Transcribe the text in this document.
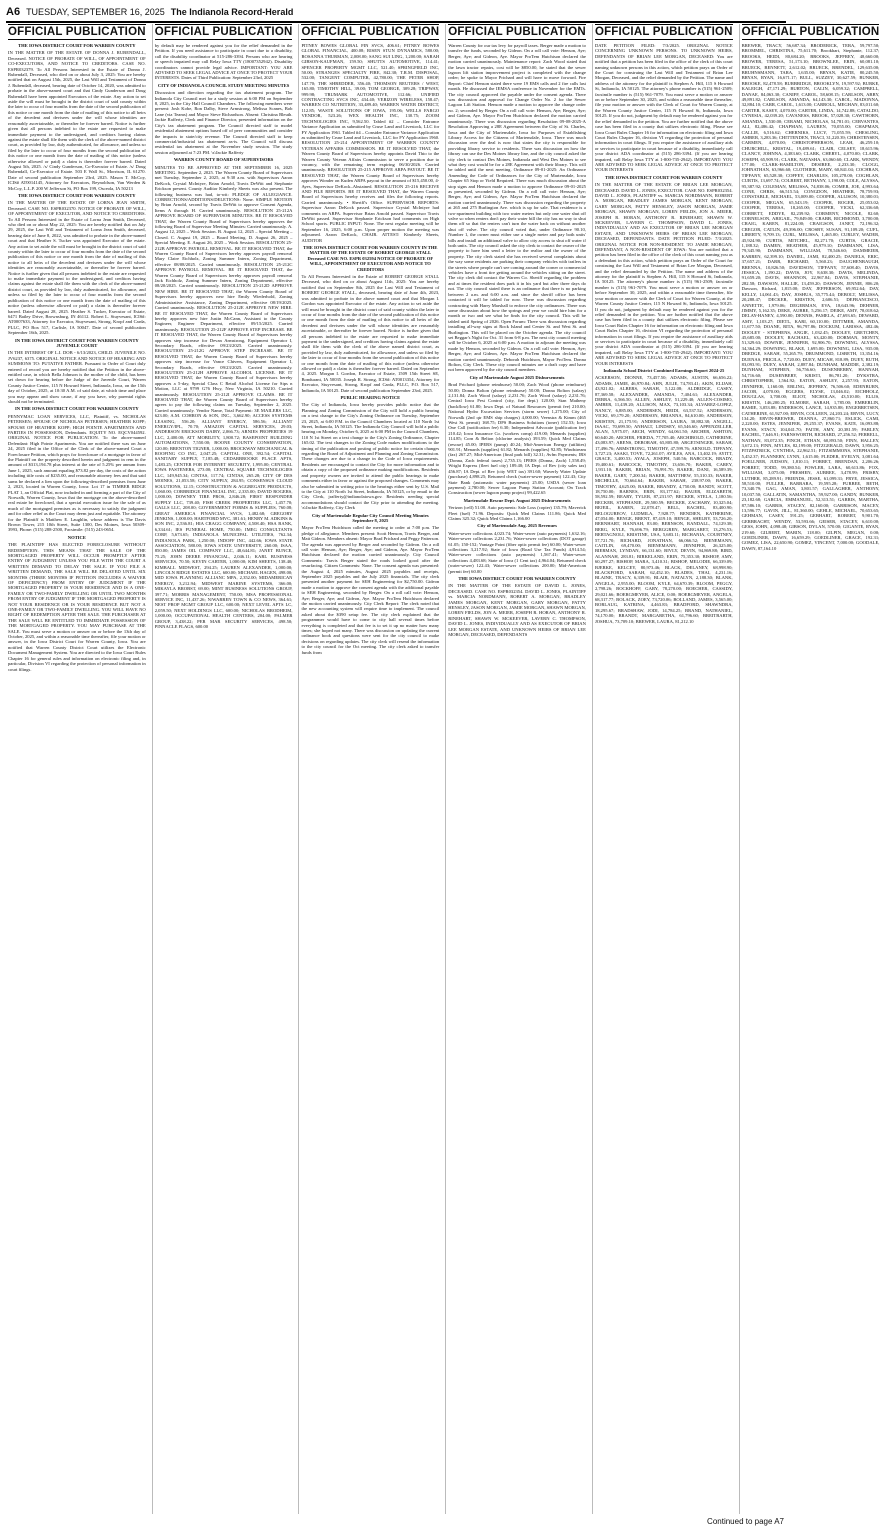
A6 TUESDAY, SEPTEMBER 16, 2025 The Indianola Record-Herald
OFFICIAL PUBLICATION
THE IOWA DISTRICT COURT FOR WARREN COUNTY

IN THE MATTER OF THE ESTATE OF DONNA J. RUBENDALL, Deceased. NOTICE OF PROBATE OF WILL, OF APPOINTMENT OF CO-EXECUTORS, AND NOTICE TO CREDITORS. CASE NO. ESPR032379. To All Persons Interested in the Estate of Donna J. Rubendall, Deceased, who died on or about July 3, 2025: You are hereby notified that on August 15th, 2025, the Last Will and Testament of Donna J. Rubendall, deceased, bearing date of October 14, 2020, was admitted to probate in the above-named court and that Cindy Gunderson and Doug Rubendall have been appointed Executors of the estate. Any action to set aside the will must be brought in the district court of said county within the later to occur of four months from the date of the second publication of this notice or one month from the date of mailing of this notice to all heirs of the decedent and devisees under the will whose identities are reasonably ascertainable, or thereafter be forever barred. Notice is further given that all persons indebted to the estate are requested to make immediate payment to the undersigned, and creditors having claims against the estate shall file them with the clerk of the above-named district court, as provided by law, duly authenticated, for allowance, and unless so filed by the later to occur of four months from the second publication of this notice or one month from the date of mailing of this notice (unless otherwise allowed or paid) a claim is thereafter forever barred. Dated August 5th, 2025. /s/ Cindy Gunderson, Co-Executor of Estate. /s/ Doug Rubendall, Co-Executor of Estate. 503 E Wall St., Morrison, IL 61270. Date of second publication September 23rd, 2025. Mason T. McCoy, ICIS# AT0014145, Attorney for Executors, Reynoldson, Van Werden & McCoy, L.L.P. 200 W Jefferson St, PO Box 199, Osceola, IA 50213

THE IOWA DISTRICT COURT FOR WARREN COUNTY

IN THE MATTER OF THE ESTATE OF LORNA JEAN SMITH, Deceased. CASE NO. ESPR032370. NOTICE OF PROBATE OF WILL, OF APPOINTMENT OF EXECUTOR, AND NOTICE TO CREDITORS. To All Persons Interested in the Estate of Lorna Jean Smith, Deceased, who died on or about May 22, 2025: You are hereby notified that on July 29, 2025, the Last Will and Testament of Lorna Jean Smith, deceased, bearing date of June 8, 2022, was admitted to probate in the above-named court and that Heather S. Tucker was appointed Executor of the estate. Any action to set aside the will must be brought in the district court of said county within the later to occur of four months from the date of the second publication of this notice or one month from the date of mailing of this notice to all heirs of the decedent and devisees under the will whose identities are reasonably ascertainable, or thereafter be forever barred. Notice is further given that all persons indebted to the estate are requested to make immediate payment to the undersigned, and creditors having claims against the estate shall file them with the clerk of the above-named district court, as provided by law, duly authenticated, for allowance, and unless so filed by the later to occur of four months from the second publication of this notice or one month from the date of mailing of this notice (unless otherwise allowed or paid) a claim is thereafter forever barred. Dated August 28, 2025. Heather S. Tucker, Executor of Estate, 6471 Bailey Drive, Brownsburg, IN 46112. Robert L. Stuyvesant, ICIS#: AT0007633, Attorney for Executor, Stuyvesant, Strong, Kropf and Carda, PLLC, PO Box 517, Carlisle, IA 50047. Date of second publication September 16th, 2025.

IN THE IOWA DISTRICT COURT FOR WARREN COUNTY JUVENILE COURT

IN THE INTEREST OF L.I. DOB - 6/13/2023, CHILD. JUVENILE NO. JV6237, 6375. ORIGINAL NOTICE AND NOTICE OF HEARING AND SUMMONS TO: PUTATIVE FATHER. Pursuant to Order of Court duly entered of record you are hereby notified that the Petition in the above-entitled case, in which Bella Johnson is the mother of the child, has been set down for hearing before the Judge of the Juvenile Court, Warren County Justice Center, 115 N Howard Street, Indianola, Iowa, on the 15th day of October, 2025, at 10:30 A.M. of said date, at which time and place you may appear and show cause, if any you have, why parental rights should not be terminated.

IN THE IOWA DISTRICT COURT FOR WARREN COUNTY

PENNYMAC LOAN SERVICES, LLC, Plaintiff, vs. NICHOLAS PETERSEN; SPOUSE OF NICHOLAS PETERSEN; HEATHER KOPP; SPOUSE OF HEATHER KOPP; HIGH POINTE APARTMENTS AND PARTIES IN POSSESSION, Defendants. EQUITY NO. EQCV044592. ORIGINAL NOTICE FOR PUBLICATION. To the above-named Defendant: High Pointe Apartments. You are notified there was on June 24, 2025 filed in the Office of the Clerk of the above-named Court a Foreclosure Petition, which prays for foreclosure of a mortgage in favor of the Plaintiff on the property described herein and judgment in rem in the amount of $313,194.78 plus interest at the rate of 5.25% per annum from June 1, 2025, such amount equaling $73.82 per day, the costs of the action including title costs of $235.00, and reasonable attorney fees and that said sums be declared a lien upon the following-described premises from June 2, 2023, located in Warren County, Iowa: Lot 17 in TIMBER RIDGE PLAT 1, an Official Plat, now included in and forming a part of the City of Norwalk, Warren County, Iowa that the mortgage on the above-described real estate be foreclosed, that a special execution issue for the sale of as much of the mortgaged premises as is necessary to satisfy the judgment and for other relief as the Court may deem just and equitable. The attorney for the Plaintiff is Matthew E. Laughlin, whose address is The Davis Brown Tower, 215 10th Street, Suite 1300, Des Moines, Iowa 50309-3993, Phone: (515) 288-2500, Facsimile: (515) 243-0654.

NOTICE

THE PLAINTIFF HAS ELECTED FORECLOSURE WITHOUT REDEMPTION. THIS MEANS THAT THE SALE OF THE MORTGAGED PROPERTY WILL OCCUR PROMPTLY AFTER ENTRY OF JUDGMENT UNLESS YOU FILE WITH THE COURT A WRITTEN DEMAND TO DELAY THE SALE. IF YOU FILE A WRITTEN DEMAND, THE SALE WILL BE DELAYED UNTIL SIX MONTHS (THREE MONTHS IF PETITION INCLUDES A WAIVER OF DEFICIENCY) FROM ENTRY OF JUDGMENT IF THE MORTGAGED PROPERTY IS YOUR RESIDENCE AND IS A ONE-FAMILY OR TWO-FAMILY DWELLING OR UNTIL TWO MONTHS FROM ENTRY OF JUDGMENT IF THE MORTGAGED PROPERTY IS NOT YOUR RESIDENCE OR IS YOUR RESIDENCE BUT NOT A ONE-FAMILY OR TWO-FAMILY DWELLING. YOU WILL HAVE NO RIGHT OF REDEMPTION AFTER THE SALE. THE PURCHASER AT THE SALE WILL BE ENTITLED TO IMMEDIATE POSSESSION OF THE MORTGAGED PROPERTY. YOU MAY PURCHASE AT THE SALE. You must serve a motion or answer on or before the 13th day of October, 2025, and within a reasonable time thereafter, file your motion or answer, in the Iowa District Court for Warren County, Iowa. You are notified that Warren County District Court utilizes the Electronic Document Management System. You are directed to the Iowa Court Rules Chapter 16 for general rules and information on electronic filing and, in particular, Division VI regarding the protection of personal information in court filings.

OFFICIAL PUBLICATION

by default may be rendered against you for the relief demanded in the Petition. If you need assistance to participate in court due to a disability, call the disability coordinator at 515-286-3394. Persons who are hearing or speech impaired may call Relay Iowa TTY (18007352942). Disability coordinators cannot provide legal advice. IMPORTANT: YOU ARE ADVISED TO SEEK LEGAL ADVICE AT ONCE TO PROTECT YOUR INTERESTS. Dates of Third Publication: September 23rd, 2025

CITY OF INDIANOLA COUNCIL STUDY MEETING MINUTES

Discussion and direction regarding the tax abatement program. The Indianola City Council met for a study session at 6:00 PM on September 8, 2025, in the City Hall Council Chambers. The following members were present: Josh Kobe, Ron Dalby, Steve Armstrong, Melissa Scanes, Bob Lane (via Teams) and Mayor Steve Richardson. Absent: Christina Bleuth. Jackie Rafferty, Clerk and Finance Director, presented information on the City's tax abatement program. The Council directed staff to model residential abatement options based off of peer communities and consider the impacts to state/city revenue. The Council directed staff to keep commercial/industrial tax abatement as-is. The Council will discuss residential tax abatement at the November study session. The study session adjourned at 7:23 PM. \s\Jackie Rafferty

WARREN COUNTY BOARD OF SUPERVISORS

MINUTES TO BE APPROVED AT THE SEPTEMBER 16, 2025 MEETING. September 2, 2025. The Warren County Board of Supervisors met Tuesday, September 2, 2025, at 9:30 a.m. with Supervisors Aaron DeKock, Crystal McIntyre, Brian Arnold, Travis DeWitt and Stephanie Erickson present. County Auditor Kimberly Sheets was also present. The following business was had, to-wit: PLEDGE OF ALLEGIANCE. CORRECTIONS/ADDITIONS/DELETIONS: None. SIMPLE MOTION by Brian Arnold, second by Travis DeWitt to approve Consent Agenda, Items A through H. Carried unanimously. RESOLUTION 25-212A APPROVE BOARD OF SUPERVISOR MINUTES. BE IT RESOLVED THAT, the Warren County Board of Supervisors hereby approves the following Board of Supervisor Meeting Minutes: Carried unanimously. A. August 12, 2025 – Work Session. B. August 12, 2025 – Special Meeting – Closed. C. August 19, 2025 – Board Meeting. D. August 26, 2025 – Special Meeting. E. August 26, 2025 – Work Session. RESOLUTION 25-212B APPROVE PAYROLL REMOVAL. BE IT RESOLVED THAT, the Warren County Board of Supervisors hereby approves payroll removal Mary Claire Eichholz, Zoning Summer Intern, Zoning Department, effective 08/08/2025. Carried unanimously. RESOLUTION 25-212C APPROVE PAYROLL REMOVAL. BE IT RESOLVED THAT, the Warren County Board of Supervisors hereby approves payroll removal Jack Eichholz, Zoning Summer Intern, Zoning Department, effective 08/20/2025. Carried unanimously. RESOLUTION 25-212D APPROVE NEW HIRE. BE IT RESOLVED THAT, the Warren County Board of Supervisors hereby approves new hire Emily Wiederhold, Zoning Administrative Assistance, Zoning Department, effective 08/19/2025. Carried unanimously. RESOLUTION 25-212E APPROVE NEW HIRE. BE IT RESOLVED THAT, the Warren County Board of Supervisors hereby approves new hire Justin McCann, Assistant to the County Engineer, Engineer Department, effective 09/15/2025. Carried unanimously. RESOLUTION 25-212F APPROVE STEP INCREASE. BE IT RESOLVED THAT, the Warren County Board of Supervisors hereby approves step increase for Devan Armstrong, Equipment Operator I, Secondary Roads, effective 09/23/2025. Carried unanimously. RESOLUTION 25-212G APPROVE STEP INCREASE. BE IT RESOLVED THAT, the Warren County Board of Supervisors hereby approves step increase for Vance Chivers, Equipment Operator I, Secondary Roads, effective 09/23/2025. Carried unanimously. RESOLUTION 25-212H APPROVE ALCOHOL LICENSE. BE IT RESOLVED THAT, the Warren County Board of Supervisors hereby approves a 5-day, Special Class C Retail Alcohol License for Sips n Motion, LLC at 9799 G76 Hwy, New Virginia, IA 50210. Carried unanimously. RESOLUTION 25-212I APPROVE CLAIMS. BE IT RESOLVED THAT, the Warren County Board of Supervisors hereby agrees to pay the following claims on Tuesday, September 2, 2025. Carried unanimously. Vendor Name, Total Payment: 3E MAILERS LLC, 623.00; A.M. COHRON & SON, INC., 3,662.90; ACCESS SYSTEMS LEASING, 556.20; ALLIANT ENERGY, 586.56; ALLIANT ENERGY/IPL, 70.70; AMAZON CAPITAL SERVICES, 29.03; ANDERSON ERICKSON DAIRY, 2,066.73; ARNIES PROPERTIES 19 LLC, 2,400.00; ATT MOBILITY, 1,800.72; BASEPOINT BUILDING AUTOMATIONS, 7,550.00; BOONE COUNTY CONSERVATION, 120.00; BRENTON TIGNER, 1,000.00; BROCKWAY MECHANICAL & ROOFING CO INC, 2,047.25; CAPITAL ONE, 392.54; CAPITAL SANITARY SUPPLY, 7,185.48; CEDARBROOKE PLACE APTS, 1,483.25; CENTER FOR INTERNET SECURITY, 1,995.00; CENTRAL IOWA FASTENERS, 273.00; CENTRAL SQUARE TECHNOLOGIES LLC, 149,945.34; CINTAS, 117.74; CINTAS, 265.28; CITY OF DES MOINES, 21,053.58; CITY SUPPLY, 284.95; CONSENSUS CLOUD SOLUTIONS, 12.15; CONSTRUCTION & AGGREGATE PRODUCTS, 1,060.00; CORBRIDGE FINANCIAL INC, 2,335.00; DAVID ROGERS, 1,000.00; DOWNEY TIRE PROS, 2,846.28; FIRST RESPONDER SUPPLY LLC, 739.40; FISH CREEK PROPERTIES LLC, 1,457.70; GALLS LLC, 208.00; GOVERNMENT FORMS & SUPPLIES, 760.08; GREAT AMERICA FINANCIAL SVCS, 1,482.68; GREGORY JENKINS, 1,000.00; HARTFORD MVC, 381.61; HENRY M. ADKINS & SON INC, 2,536.81; HIA CRAGG COMPANY, 4,508.40; HSA BANK, 6,334.61; IES FUNERAL HOME, 750.00; IMEG CONSULTANTS CORP, 5,673.65; INDIANOLA MUNICIPAL UTILITIES, 762.34; INDIANOLA PARK, 1,250.00; INDOFF INC, 442.66; IOWA STATE ASSOCIATION, 580.00; IOWA STATE UNIVERSITY, 260.00; ISAA, 850.00; JAMES OIL COMPANY LLC, 48,644.81; JANET BUNCE, 75.25; JOHN DEERE FINANCIAL, 2,046.11; KARL BUSINESS SERVICES, 70.50; KEVIN CARTER, 1,000.00; KIM SHEETS, 138.40; KIMBALL MIDWEST, 294.25; LAUREN ALEXANDER, 1,000.00; LINCOLN RIDGE ESTATES LLC, 600.00; MICHAEL HAGEN, 498.00; MID IOWA PLANNING ALLIANC MPA, 2,352.00; MIDAMERICAN ENERGY, 3,212.94; MIDWEST MARINE SYSTEMS, 366.00; MIKAYLA BROBST, 69.00; MINT BUSINESS SOLUTIONS GROUP, 397.71; MORRIS MANAGEMENT, 750.00; MSA PROFESSIONAL SERVICE INC, 11,437.26; N/WARREN TOWN & CO NEWS, 364.61; NEST PROP MGMT GROUP LLC, 600.00; NEXT LEVEL APTS LC, 2,059.50; NEXT HOLDINGS LLC, 600.00; NICHOLAS BRODHEIM, 1,000.00; OCCUPATIONAL HEALTH CENTERS, 204.00; PALMER GROUP, 3,438.22; PER MAR SECURITY SERVICES, 498.50; PINNACLE FLAGS, 600.00

OFFICIAL PUBLICATION

PITNEY BOWES GLOBAL FIN SVCS, 406.61; PITNEY BOWES GLOBAL FINANCIAL, 400.08; RISEN STUN DYNAMICS, 580.00; ROSANNA THURMAN, 2,008.00; SANG SUI LING, 1,200.00; SARAH GIBSON-KAUFMAN, 159.50; SHUTTS AUTOMOTIVE, 114.41; SPENCER PROPERTY MGMT LLC, 521.40; SPRINGFIELD INC, 50.00; STRANGES SPECIALTY FIRE, 842.30; T.R.M. DISPOSAL, 532.00; TANGENT COMPUTER, 42,780.00; THE PETER SHOP, 147.70; THE SHREDDER, 356.40; THOMSON REUTERS / WEST, 165.80; TIMOTHY HILL, 39.00; TOM GEORGE, 309.28; TRIPWAY, 999.98; TRUMARK AUTOMOTIVE, 112.66; UNIFIED CONTRACTING SVCS INC, 434.40; VERIZON WIRELESS, 158.47; WARREN CO NUTRITION, 33,489.40; WARREN WATER DISTRICT, 112.85; WASTE SOLUTIONS OF IOWA, 195.06; WELLS FARGO VENDOR, 523.26; WEX HEALTH INC, 130.75; ZOOM TECHNOLOGIES INC, 9,562.50. Tabled #2 – Consider Entrance Variance Application as submitted by Cruse Land and Livestock, LLC for FY Application 1961. Tabled #4 – Consider Entrance Variance Application as submitted by Cruse Land and Livestock, LLC for FY Application 1960. RESOLUTION 25-214 APPOINTMENT OF WARREN COUNTY VETERAN AFFAIRS COMMISSION. BE IT RESOLVED THAT, the Warren County Board of Supervisors hereby appoints David Thio to the Warren County Veteran Affairs Commission to serve a position due to vacancy, with the remaining term expiring 06/30/2026. Carried unanimously. RESOLUTION 25-215 APPROVE ARPA PAYOUT. BE IT RESOLVED THAT, the Warren County Board of Supervisors hereby approves Wonder on Kuden ARPA payout in the amount of $15,450.00, 4-Ayes, Supervisor DeKock–Abstained. RESOLUTION 25-216 RECEIVE AND FILE REPORTS. BE IT RESOLVED THAT, the Warren County Board of Supervisors hereby receives and files the following reports. Carried unanimously. • Sheriff's Office. SUPERVISOR REPORTS: Supervisor Aaron DeKock passed. Supervisor Crystal McIntyre had comments on ARPA. Supervisor Brian Arnold passed. Supervisor Travis DeWitt passed. Supervisor Stephanie Erickson had comments on High School sports. PUBLIC INPUT: None. The next regular meeting will be September 16, 2025, 6:00 p.m. Upon proper motion the meeting was adjourned. Aaron DeKock, CHAIR. ATTEST: Kimberly Sheets, AUDITOR

THE IOWA DISTRICT COURT FOR WARREN COUNTY IN THE MATTER OF THE ESTATE OF ROBERT GEORGE STALL Deceased CASE NO. ESPR 032594 NOTICE OF PROBATE OF WILL, APPOINTMENT OF EXECUTOR AND NOTICE TO CREDITORS

To All Persons Interested in the Estate of ROBERT GEORGE STALL Deceased, who died on or about August 11th, 2025: You are hereby notified that on September 8th, 2025 the Last Will and Testament of ROBERT GEORGE STALL, deceased, bearing date of June 4th, 2023, was admitted to probate in the above named court and that Morgan I. Gordon was appointed Executor of the estate. Any action to set aside the will must be brought in the district court of said county within the later to occur of four months from the date of the second publication of this notice or one month from the date of mailing of this notice to all heirs of the decedent and devisees under the will whose identities are reasonably ascertainable, or thereafter be forever barred. Notice is further given that all persons indebted to the estate are requested to make immediate payment to the undersigned, and creditors having claims against the estate shall file them with the clerk of the above named district court, as provided by law, duly authenticated, for allowance, and unless so filed by the later to occur of four months from the second publication of this notice or one month from the date of mailing of this notice (unless otherwise allowed or paid) a claim is thereafter forever barred. Dated on September 4, 2025. Morgan I. Gordon, Executor of Estate, 1509 15th Street SE, Bondurant, IA 50035. Joseph R. Strong, ICIS#: AT0013354, Attorney for Executor, Stuyvesant, Strong, Kropf and Carda, PLLC, P.O. Box 517, Indianola, IA 50125. Date of second publication September 23rd, 2025.

PUBLIC HEARING NOTICE

The City of Indianola, Iowa hereby provides public notice that the Planning and Zoning Commission of the City will hold a public hearing on a text change to the City's Zoning Ordinance on Tuesday, September 23, 2025, at 6:00 P.M. in the Council Chambers located at 110 North 1st Street, Indianola, IA 50125. The Indianola City Council will hold a public hearing on Monday, October 6, 2025 at 6:00 PM in the Council Chambers, 110 N 1st Street on a text change to the City's Zoning Ordinance, Chapter 165.02. The text changes to the Zoning Code makes modifications to the timing of the publication and posting of public notice for certain changes regarding the Board of Adjustment and Planning and Zoning Commission. These changes are due to a change in the Code of Iowa requirements. Residents are encouraged to contact the City for more information and to obtain a copy of the proposed ordinance making modifications. Residents and property owners are invited to attend the public hearings to make comments either in favor or against the proposed changes. Comments may also be submitted in writing prior to the hearings either sent by U.S. Mail to the City at 110 North 1st Street, Indianola, IA 50125, or by email to the City Clerk, jrafferty@indianolaiowa.gov. Residents needing special accommodations should contact the City prior to attending the meeting. \s\Jackie Rafferty, City Clerk

City of Martensdale Regular City Council Meeting Minutes September 8, 2025

Mayor ProTem Hutchison called the meeting to order at 7:00 p.m. The pledge of allegiance. Members present: Scott Henson, Travis Berger, and Matt Gideon. Members absent: Mayor Brad Prichard and Peggy Patterson. The agenda was approved by Berger and seconded by Gideon. On a roll call vote: Henson, Aye; Berger, Aye; and Gideon, Aye. Mayor ProTem Hutchison declared the motion carried unanimously. City Council Comments: Travis Berger stated the roads looked good after the resurfacing. Citizen Comments: None. The consent agenda was presented: the August 4, 2025 minutes, August 2025 payables and receipts, September 2025 payables and the July 2025 financials. The city clerk presented another payment for SEH Engineering for $2,750.00. Gideon made a motion to approve the consent agenda with the additional payable to SEH Engineering, seconded by Berger. On a roll call vote: Henson, Aye; Berger, Aye; and Gideon, Aye. Mayor ProTem Hutchison declared the motion carried unanimously. City Clerk Report: The clerk noted that the new accounting system will require time to implement. The council asked about the $390 setup fee. The city clerk explained that the programmer would have to come to city hall several times before everything is completed and that fee is to set it up no matter how many times; she hoped not many. There was discussion on updating the current ordinance book and questions were sent for the city council to make decisions on regarding updates. The city clerk will resend the information to the city council for the Oct meeting. The city clerk asked to transfer funds from

OFFICIAL PUBLICATION

Warren County for our tax levy for payroll taxes. Berger made a motion to transfer the funds, seconded by Gideon. On a roll call vote: Henson, Aye; Berger, Aye; and Gideon, Aye. Mayor ProTem Hutchison declared the motion carried unanimously. Maintenance report: Zach Wood stated that the lawn tractor repairs, cost will be $850.00, he stated that the sewer lagoon lift station improvement project is completed with the change order; he spoke to Mayor Prichard and will have to move forward. Fire Report: Chief Henson stated there were 19 EMS calls and 2 fire calls last month. He discussed the IEMSA conference in November for the EMTs. The city council approved the payable under the consent agenda. There was discussion and approval for Change Order No. 2 for the Sewer Lagoon Lift Station. Henson made a motion to approve the change order no. 2; seconded by Berger. On a roll call vote: Henson, Aye; Berger, Aye; and Gideon, Aye. Mayor ProTem Hutchison declared the motion carried unanimously. There was discussion regarding Resolution 09-08-2025-A Resolution Approving a 28E Agreement between the City of St. Charles, Iowa and the City of Martensdale, Iowa for Purposes of Establishing Library Access for the Citizens of Martensdale, Iowa. There was much discussion over the deal is now that states the city is responsible for providing library service to residents. There was discussion on how the library can use the Des Moines library line, and the city council asked the city clerk to contact Des Moines, Indianola and West Des Moines to see what they cost would be for a 28E Agreement with their library. This will be tabled until the next meeting. Ordinance 09-01-2025: An Ordinance Amending the Code of Ordinances for the City of Martensdale, Iowa Chapter 65 Stop or Yield Required. There was much discussion about the stop signs and Henson made a motion to approve Ordinance 09-01-2025 as presented, seconded by Gideon. On a roll call vote: Henson, Aye; Berger, Aye; and Gideon, Aye. Mayor ProTem Hutchison declared the motion carried unanimously. There was discussion regarding the property at 265 and 275 Burlington Ave. which is up for sale. That residence is a two-apartment building with two water meters but only one water shut off valve so when renters don't pay their water bill the city has no way to shut them off so that the renters can't turn the water back on without another shut off valve. The city council voted that, under Ordinance 90.10, Number 1, the owner must either use a single meter and pay both units' bills and install an additional valve to allow city access to shut off water if both units. The city council asked the city clerk to contact the owner of the property to have him send a letter to the realtor and the owner of the property. The city clerk stated she has received several complaints about the way some residents are parking their company vehicles with trailers in the streets where people can't see coming around the corner or commercial vehicles have a front tire getting around the vehicles sitting on the street. The city clerk did contact the Warren Co. Sheriff regarding the problem and at times the resident does park it in his yard but after three days do not. The city council stated there is an ordinance that there is no parking between 2 a.m. and 6:00 a.m. and since the sheriff office has been contacted it will be tabled for now. There was discussion regarding contracting with Harry Marshall to enforce the city ordinances. There was some discussion about how the springs and year we could hire him for a month or two and see what he finds for the city council. This will be tabled until Spring of 2026. Open Forum: There was discussion regarding installing all-way signs at Rock Island and Center St. and West St. and Burlington. This will be placed on the October agenda. The city council set Beggar's Night for Oct. 31 from 6-8 p.m. The next city council meeting will be October 6, 2025 at 6:00 p.m. A motion to adjourn the meeting was made by Henson, seconded by Gideon. On a roll call vote: Henson, Aye; Berger, Aye; and Gideon, Aye. Mayor ProTem Hutchison declared the motion carried unanimously. Deborah Hutchison, Mayor ProTem. Donna Bolton, City Clerk. These city council minutes are a draft copy and have not been approved by the city council members.

City of Martensdale August 2025 Disbursements

Brad Prichard (phone reimburse) 50.00; Zach Wood (phone reimburse) 50.00; Donna Bolton (phone reimburse) 50.00; Donna Bolton (salary) 2,131.84; Zach Wood (salary) 2,231.76; Zach Wood (salary) 2,231.76; Central Iowa Pest Control (city, fire dept.) 120.00; Stan Matheny (backflow) 61.80; Iowa Dept. of Natural Resources (permit fee) 210.00; National Hydro Excavation Services (storm sewer) 1,275.00; City of Norwalk (2nd qtr EMS ship charges) 4,000.00; Veenstra & Kimm (465 West St. permit) 168.75; DPS Business Solutions (toner) 152.53; Iowa One Call (notification fee) 6.30; Independent Advocate (publication fee) 210.42; Iowa Insurance Co. (workers comp) 419.00; Menards (supplies) 114.85; Corn & Belton (chlorine analysis) 393.59; Quick Med Claims (rescue) 45.00; IPERS (pump) 40.24; Mid-American Energy (utilities) 901.91; Menards (supplies) 61.82; Menards (supplies) 92.85; Windstream (fax) 267.27; Mid-American (final park bill) 32.31; Avfm Payments; IRS (Donna, Zach federal taxes) 2,735.13; IPERS (Donna, Zach) 1,558.49; Wright Express (fleet fuel city) 189.40; IA Dept. of Rev (city sales tax) 456.87; IA Dept. of Rev (city WET tax) 391.60; Waverly Water Update (purchase) 4,898.25; Returned check (water-sewer payment) 122.43; City State Bank (automatic water payments) 25.00; USDA (sewer loan payment) 2,780.00; Sewer Lagoon Pump Station Account; On Track Construction (sewer lagoon pump project) 99,422.65

Martensdale Rescue Dept. August 2025 Disbursements

Verizon (cell) 51.00. Auto payments: Sale Loss (copier) 135.79; Maverick Fleet (fuel) 71.96. Deposits: Quick Med Claims 111.86; Quick Med Claims 325.32; Quick Med Claims 1,166.00

City of Martensdale Aug. 2025 Revenues

Water-sewer collections 4,023.74; Water-sewer (auto payments) 1,632.16; Water-sewer collections 2,231.76; Water-sewer collections (DOT garage) 61.05; 150-152; Vantage Point (fiber optic permit fee) 60.00; Water-sewer collections 3,217.92; State of Iowa (Road Use Tax Funds) 4,914.54; Water-sewer collections (auto payments) 1,567.41; Water-sewer collections 4,483.68; State of Iowa (1 Cent tax) 4,964.04; Returned check (water-sewer) 122.43; Water-sewer collections 200.00; Mid-American (permit fee) 60.00

THE IOWA DISTRICT COURT FOR WARREN COUNTY

IN THE MATTER OF THE ESTATE OF DAVID L. JONES, DECEASED. CASE NO. ESPR032354. DAVID L. JONES, PLAINTIFF vs. MARCIA NORDMANN, ROBERT A. MORGAN, BRADLEY JAMES MORGAN, KENT MORGAN, GARY MORGAN, PATTY HENSLEY, JASON MORGAN, JAMIE MORGAN, SHAWN MORGAN, LOREN FIELDS, JON A. MEIER, JOSEPH R. HORAN, ANTHONY R. RINEHART, SHAWN W. MCKEEVER, LAVERN C. THOMPSON, DAVID L. JONES, INDIVIDUALLY AND AS EXECUTOR OF BRIAN LEE MORGAN ESTATE, AND UNKNOWN HEIRS OF BRIAN LEE MORGAN, DECEASED, DEFENDANTS

OFFICIAL PUBLICATION

DATE PETITION FILED: 7/3/2025. ORIGINAL NOTICE CONCERNING UNKNOWN PERSONS. TO UNKNOWN HEIRS, DEFENDANTS OF BRIAN LEE MORGAN, DECEASED: You are notified that a petition has been filed in the office of the clerk of this court naming unknown persons in this action, which petition prays an Order of the Court for construing the Last Will and Testament of Brian Lee Morgan, Deceased, and the relief demanded by the Petition. The name and address of the attorney for the plaintiff is Stephen A. Hill, 115 S Howard St, Indianola, IA 50125. The attorney's phone number is (515) 961-2509; facsimile number is (515) 961-7079. You must serve a motion or answer on or before September 30, 2025, and within a reasonable time thereafter, file your motion or answer with the Clerk of Court for Warren County, at the Warren County Justice Center, 115 N Howard St, Indianola, Iowa 50125. If you do not, judgment by default may be rendered against you for the relief demanded in the petition. You are further notified that the above case has been filed in a county that utilizes electronic filing. Please see Iowa Court Rules Chapter 16 for information on electronic filing and Iowa Court Rules Chapter 16, division VI regarding the protection of personal information in court filings. If you require the assistance of auxiliary aids or services to participate in court because of a disability, immediately call your district ADA coordinator at (515) 286-3394. (If you are hearing impaired, call Relay Iowa TTY at 1-800-735-2942). IMPORTANT: YOU ARE ADVISED TO SEEK LEGAL ADVICE AT ONCE TO PROTECT YOUR INTERESTS

THE IOWA DISTRICT COURT FOR WARREN COUNTY

IN THE MATTER OF THE ESTATE OF BRIAN LEE MORGAN, DECEASED. DAVID L. JONES, EXECUTOR. CASE NO. ESPR032354. DAVID L. JONES, PLAINTIFF vs. MARCIA NORDMANN, ROBERT A. MORGAN, BRADLEY JAMES MORGAN, KENT MORGAN, GARY MORGAN, PATTY HENSLEY, JASON MORGAN, JAMIE MORGAN, SHAWN MORGAN, LOREN FIELDS, JON A. MEIER, JOSEPH R. HORAN, ANTHONY R. RINEHART, SHAWN W. MCKEEVER, LAVERN C. THOMPSON, DAVID L. JONES, INDIVIDUALLY AND AS EXECUTOR OF BRIAN LEE MORGAN ESTATE, AND UNKNOWN HEIRS OF BRIAN LEE MORGAN, DECEASED, DEFENDANTS. DATE PETITION FILED: 7/3/2025. ORIGINAL NOTICE FOR NON-RESIDENT. TO JAMIE MORGAN, DEFENDANT, A NON-RESIDENT OF IOWA: You are notified that a petition has been filed in the office of the clerk of this court naming you as a defendant in this action, which petition prays an Order of the Court for construing the Last Will and Testament of Brian Lee Morgan, Deceased, and the relief demanded by the Petition. The name and address of the attorney for the plaintiff is Stephen A. Hill, 115 S Howard St, Indianola, IA 50125. The attorney's phone number is (515) 961-2509; facsimile number is (515) 961-7079. You must serve a motion or answer on or before September 30, 2025, and within a reasonable time thereafter, file your motion or answer with the Clerk of Court for Warren County, at the Warren County Justice Center, 115 N Howard St, Indianola, Iowa 50125. If you do not, judgment by default may be rendered against you for the relief demanded in the petition. You are further notified that the above case has been filed in a county that utilizes electronic filing. Please see Iowa Court Rules Chapter 16 for information on electronic filing and Iowa Court Rules Chapter 16, division VI regarding the protection of personal information in court filings. If you require the assistance of auxiliary aids or services to participate in court because of a disability, immediately call your district ADA coordinator at (515) 286-3394. (If you are hearing impaired, call Relay Iowa TTY at 1-800-735-2942). IMPORTANT: YOU ARE ADVISED TO SEEK LEGAL ADVICE AT ONCE TO PROTECT YOUR INTERESTS

Indianola School District Combined Earnings Report 2024-25

ACKERSON, DIONNE, 73,457.50; ADAMS, AUSTIN, 66,656.22; ADAMS, JAMIE, 46,970.84; AHN, JULIE, 74,783.41; AKIN, ELIJAH, 43,921.02; ALBERS, SARAH, 5,122.08; ALDRIDGE, CASEY, 87,369.58; ALEXANDER, AMANDA, 7,404.61; ALEXANDER, DEBRA, 6,566.50; ALLEN, ASHLEY, 51,229.40; ALLEN-COSIMO, AMBER, 11,439.20; ALLISON, MAX, 73,103.34; ALVAREZ-LOPEZ, NANCY, 6,885.00; ANDERSEN, HEIDI, 63,537.52; ANDERSON, VICKI, 69,179.20; ANDERSON, BRIANNA, 84,610.00; ANDERSON, KRISTEN, 21,175.91; ANDERSON, LAURA, 30,882.38; ANGELL, ISAAC, 70,699.50; ANHALT, LINDSEY, 65,546.60; APPENZELLER, ALAN, 5,975.07; ARCH, WENDY, 64,061.50; ARCHER, ASHTON, 60,640.20; ARCHER, FRIEDA, 77,705.40; ARCHIBOLD, CATHERINE, 43,083.97; ARENS, DEBORAH, 65,805.80; ARGETSINGER, SARAH, 17,496.76; ARMSTRONG, TIMOTHY, 47,599.76; ARNOLD, TIFFANY, 3,727.23; ASAKI, TOVE, 72,261.07; AVILES, ANA, 13,402.19; AYITT, GRACE, 3,400.53; AYALA, JOSEPH, 540.56; BABCOCK, BRADY, 19,400.61; BABCOCK, TIMOTHY, 13,656.70; BAKER, CAREY, 1,931.10; BAKER, BRIAN, 76,991.70; BAKER, DANI, 16,589.39; BAKER, GARY, 7,200.34; BAKER, MATTHEW, 55,310.33; BAKER, MICHELLE, 70,664.64; BAKER, SARAH, 238.97.00; BAKER, TIMOTHY, 4,625.00; BAKER, BRANDY, 4,750.00; BANDY, SCOTT, 18,750.00; BARNES, ERIN, 83,177.62; BAUER, ELIZABETH, 58,592.59; BEARY, TYLER, 87,231.97; BECKER, STELA, 1,180.56; BECKER, STEPHANIE, 29,500.59; BECKER, ZACHARY, 10,325.04; BEJEIL, KAREN, 22,078.47; BELL, RACHEL, 83,400.90; BELOGUREOV, LUDMILA, 7,928.77; BENDIEN, KATHERINE, 47,054.00; BENGE, BRENT, 87,419.10; BENGE, SHELBY, 53,726.20; BERNHART, HANNAH, 83.00; BERNSON, RANDALL, 74,129.38; BERG, KYLE, 76,696.79; BERGGREN, MARGARET, 13,276.53; BERTAGNOLI, KRISTINE, USA, 5,683.11; BICHANIA, COURTNEY, 57,721.70; BICHARD, JONATHAN, 66,066.52; BIENEMANN, CAITLIN, 69,470.00; BIENEMANN, JENNIFER, 26,325.00; BIERMAN, LYNDAN, 66,131.60; BIVLY, DEVIN, 94,869.88; BIRD, ALANNAH, 283.81; BIRKELAND, ERIN, 75,353.30; BISHOP, AMY, 60,297.27; BISHOP, MARA, 3,410.31; BISHOP, MELODIE, 66,339.09; BJERKE, KELCEY, 80,973.46; BLACK, DELANEY, 68,998.90; BLACKFORD, SARAH, 62,452.10; BLADES, THAI, 4,231.16; BLAINE, TRACY, 6,339.91; BLAIR, NATALYN, 2,188.30; BLANK, ANGELA, 2,955.00; BLOOM, KYLE, 64,670.39; BLOOM, PEGGY, 2,798.26; BOCKHOFF, GARY, 78,270.00; BOECHER, CASSIDY, 29,021.66; BOERGMEYER, ALICE, 0.00; BOERGMEYER, ANGELA, 68,317.77; BOLACK, ZOEY, 73,720.06; BOLLAND, JAMES, 3,565.00; BORLAUG, KATRINA, 4,463.83; BRADFORD, SHAWNDRA, 18,295.67; BRADSHAW, JODI, 14,784.25; BRAND, NATHANIEL, 74,170.00; BRANDT, MARGARETHA, 61,796.60; BREITBARTH, JOSHUA, 73,709.10; BREWER, LAURA, 81,212.10

OFFICIAL PUBLICATION

BREWER, TRACY, 56,687.34; BRODERICK, TERA, 59,797.50; BROMMEL, CHRISTINA, 75,611.70; Brookhart, Stephanie, 112.37; BROOKS, HEIDI, 80,684.20; BROOKS, JEFFREY, 48,660.00; BROWER, TERESA, 51,173.10; BROWNLEE, ERIN, 60,081.10; BRUECK, BENNETT, 2,612.02; BRUECK, BRENDEL, 129,635.00; BRUHNSMANN, TARA, 1,635.00; BRYAN, KATIE, 80,245.50; BRYAN, RYAN, 16,671.17; BULL, SUZZEY, 30,627.59; BUNKER, BROOKE, 82,478.58; BURBRIDGE, BROOKLYN, 19,597.92; BURKE, KALEIGH, 47,171.29; BURTON, CALIN, 6,059.32; CAMPBELL, DANAE, 84,063.30; CANIFF, CAROL, 58,608.15; CARLSON, ABBY, 49,891.82; CARLSON, AMANDA, 64,143.30; CAROL, MADONNA, 32,884.10; CARR, CAROL, 1,613.00; CARROLL, MEGHAN, 83,011.60; CARTER, KASEY, 4,070.00; CARTER, LINDA, 14,742.88; CATALDO, CYNESIA, 42,039.20; CAVANESS, BROOK, 57,028.30; CAWTHORN, AMANDA, 1,530.00; CERAMI, NICHOLAS, 54,781.01; CERVANTES, ALI, 82,486.42; CHAPMAN, LAUREN, 70,055.00; CHAPMAN, CALLIE, 6,516.62; CHERNIKS, LUCY, 71,055.59; CHESLING, AMBER, 3,283.36; CHITTENDEN, TRACI, 31,220.39; CHRISTENSEN, CARMEN, 4,070.00; CHRISTOPHERSON, LEAH, 46,259.10; CHURCHILL, KRISTAL, 19,489.61; CLAIR, CELSEY, 18,615.96; CLANCY, JOHNNA, 4,383.60; CLARK, CHERYL, 4,070.00; CLARK, JOSEPH, 65,909.91; CLARK, NATASHA, 63,060.60; CLARK, WENDY, 177.00; CLARK-HAMILTON, DESIREE, 2,233.30; CLOGG, JOHNATHAN, 63,966.60; CLOTHIER, MARY, 60,841.04; COCHRAN, TIFFANY, 65,528.30; COFFEY, CHARLES, 105,278.00; COGHLAN, CURTIS, 13,697.74; COLBERT, BETHANY, 1,190.00; COLE, ALYSSA, 95,387.92; COLEMAN, MELISSA, 74,838.06; COMER, JOE, 4,993.64; CONE, CHRIS, 66,515.54; CONGDON, HEATHER, 78,759.93; CONSTABLE, MICHAEL, 53,009.00; COOPER, ALLISON, 10,380.01; COOPER, MEGAN, 65,543.19; COOPER, ROGER, 25,053.02; COOPER, TERESA, 18,265.00; COOPER, VICKI, 62,336.60; CORBETT, EDDYE, 82,239.92; CORMENY, NICOLE, 82.60; CORNELSON, ABIGAIL, 79,849.00; CRABB, RICHMOND, 3,700.00; CRAIG, KAREN, 81,224.00; CRAIGSON, JANET, 72,196.32; CREGOR, CATLIN, 49,396.00; CROSBY, SUSAN, 91,109.20; CUFL, LIBERTY, 9,709.13; CURL, MELISSA, 1,465.00; CURLEY, WADER, 45,924.90; CURTIS, MITCHEL, 82,271.70; CURTIS, GRACIE, 1,188.32; DAMEN, HEATHER, 45,979.10; DAMMANN, LISA, 79,345.90; DAMMANN, WILLIAM, 78,546.60; DAMMEIER, KARREN, 62,399.10; DANIEL, JAMI, 82,400.25; DANIELS, ERIC, 37,657.21; DARR, RICHARD, 5,560.23; DAUGHENBAUGH, BRENNA, 10,826.50; DAVIDSON, TIFFANY, 57,608.40; DAVIS, JESSICA, 1,190.22; DAVIS, JOY, 8,638.30; DAVIS, MELINDA, 91,659.20; DAVIS, SHANNON, 22,967.84; DAVIS, STEPHANIE, 282.58; DAWSON, HALLIE, 13,459.20; DAWSON, JENNIE, 806.20; Dawson, Richard, 1,815.00; DAY, JEFFERSON, 69,952.64; DAY, KELLY, 14,061.43; DAY, JOSHUA, 35,775.44; DEBOLT, MELISSA, 20,288.47; DECKER, KRISTEN, 2,606.51; DEFRANCISCO, ANNETTE, 1,979.06; DEGERMAN, EVA, 18,643.96; DEHNER, JIMMY, 5,162.35; DEKE, AUBRE, 5,256.17; DEIKE, AMY, 78,018.62; DELAY-HANEY, 4,590.00; DENNIS, PAMELA, 47,693.65; DEWARD, AMY, 1,103.27; DIETL, KARI, 60,110.00; DITTMER, AMANDA, 11,677.50; DOANE, RITA, 96,797.86; DOCKUM, LARISSA, 482.46; DOOLEY - STEPHENS, ANGIE, 1,032.45; DOOLEY, GRETCHEN, 45,685.00; DOOLEY, RACHAEL, 63,420.00; DORMAN, MONTY, 51,329.63; DOWNIE, JENNIFER, 92,906.70; DOWNING, ALYSSA, 34,364.29; DOWNING, BLAKE, 1,695.00; DOWNING, LISA, 935.00; DREDGE, SARAH, 55,265.79; DRUMMOND, LISBETH, 13,354.16; DUENAS, PRICILA, 7,720.00; DUEY, MICAH, 818.89; DUEY, RUTH, 83,093.91; DUEY, SARAH, 2,887.84; DUNHAM, MADDIE, 2,382.19; DUNHAM, STEPHEN, 56,756.60; DUSENBERRY, HANNAH, 54,716.60; DUSENBERY, KRISTI, 86,781.20; DYKSTRA, CHRISTOPHER, 1,564.92; EATON, ASHLEY, 2,257.93; EATON, JENNIFER, 1,160.00; EBLING, JEFFREY, 76,506.60; EDENBURN, JACOB, 4,070.00; EGGERS, ELYSE, 13,046.02; EICHHOLZ, DOUGLAS, 3,700.00; ELIOT, NICHOLAS, 43,510.00; ELLIS, KRISTIN, 146,200.25; ELMORE, SARAH, 1,785.00; EMBERLIN, RAMIE, 3,053.88; ENDERSON, LANCE, 14,935.88; ENGEBRETSEN, CATHERINE, 61,927.00; ERVIN, COLLEEN, 24,203.24; ERVIN, LUCY, 134.20; ERVIN-BREWER, DIANNA, 27,860.71; ESLICK, CAMI, 2,220.00; ESTES, JENNIFER, 29,255.37; EVANS, KATE, 16,093.88; EVANS, STACY, 104,041.70; FAITH, AMY, 20,381.59; FARLEY, RACHEL, 7,646.91; FARNSWORTH, RICHARD, 27,256.52; FERRELL, NATHAN, 83,072.35; FINCH, ETHAN, 60,893.50; FINN, HALLEY, 3,672.13; FINN, MYLES, 82,199.00; FITZGERALD, DAWN, 3,956.25; FITZPATRICK, CYNTHIA, 22,962.51; FITZSIMMONS, STEPHANIE, 5,452.37; FLANNERY, LYNN, 1,615.00; FLEDER, EVELYN, 3,081.64; FOELLNER, JUDSON, 1,810.11; FORRET, BRENDAN, 2,206.26; FORRET, TODD, 99,380.54; FOWLER, LARA, 60,613.86; FOX, WILLIAM, 3,075.00; FRESHEN, AUBREE, 3,478.99; FRISBY, LUTHER, 85,289.91; FRIENDS, JESSE, 61,099.31; FRYE, JESSICA, 58,510.00; FULLER, BARBARA, 19,595.28; FURBEE, BETH, 73,340.79; GAG, AMAN, 3,801.57; GALLAGHER, ANTHONY, 10,037.50; GALLATIN, SAMANTHA, 59,927.00; GANDY, BUNKER, 23,182.68; GARCIA, EMMANUEL, 52,313.51; GARRIS, MARTHA, 87,586.10; GARRIS, STACEY, 82,160.00; GARRISON, MACEY, 13,596.77; GAVIN, JILL, 81,360.00; GEHLE, MICHAEL, 70,653.65; GEHMAN, CASEY, 591.25; GEBHART, ROBERT, 9,901.70; GERBRACHT, WENDY, 53,593.66; GEISER, STACEY, 6,610.00; GESS, JOHN, 4,098.48; GIBSON, DYLAN, 570.00; GIGANTE, RYAN, 219.60; GILBERT, MARIN, 118.00; GILPIN, MEGAN, 0.00; GOEDLINER, DAWN, 16,659.29; GOEDLINER, GRACE, 192.31; GOMEZ, LISA, 22,650.90; GOMEZ, VINCENT, 7,000.00; GOODALE, DAWN, 87,164.10

Continued to page A7
